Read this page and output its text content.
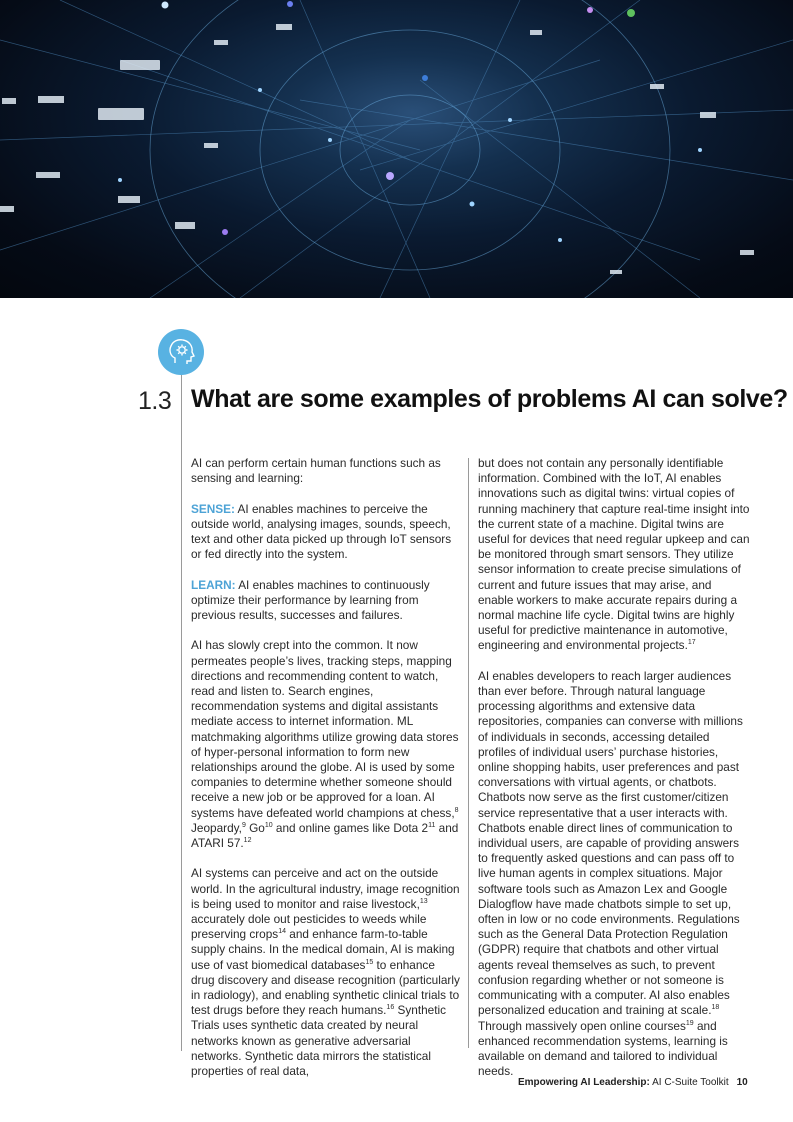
1.3 What are some examples of problems AI can solve?

AI can perform certain human functions such as sensing and learning:

SENSE: AI enables machines to perceive the outside world, analysing images, sounds, speech, text and other data picked up through IoT sensors or fed directly into the system.

LEARN: AI enables machines to continuously optimize their performance by learning from previous results, successes and failures.

AI has slowly crept into the common. It now permeates people’s lives, tracking steps, mapping directions and recommending content to watch, read and listen to. Search engines, recommendation systems and digital assistants mediate access to internet information. ML matchmaking algorithms utilize growing data stores of hyper-personal information to form new relationships around the globe. AI is used by some companies to determine whether someone should receive a new job or be approved for a loan. AI systems have defeated world champions at chess,$^8$ Jeopardy,$^9$ Go$^{10}$ and online games like Dota $2^{11}$ and ATARI 57.12

AI systems can perceive and act on the outside world. In the agricultural industry, image recognition is being used to monitor and raise livestock,$^{13}$ accurately dole out pesticides to weeds while preserving crops$^{14}$ and enhance farm-to-table supply chains. In the medical domain, AI is making use of vast biomedical databases$^{15}$ to enhance drug discovery and disease recognition (particularly in radiology), and enabling synthetic clinical trials to test drugs before they reach humans.$^{16}$ Synthetic Trials uses synthetic data created by neural networks known as generative adversarial networks. Synthetic data mirrors the statistical properties of real data,

but does not contain any personally identifiable information. Combined with the IoT, AI enables innovations such as digital twins: virtual copies of running machinery that capture real-time insight into the current state of a machine. Digital twins are useful for devices that need regular upkeep and can be monitored through smart sensors. They utilize sensor information to create precise simulations of current and future issues that may arise, and enable workers to make accurate repairs during a normal machine life cycle. Digital twins are highly useful for predictive maintenance in automotive, engineering and environmental projects.$^{17}$

AI enables developers to reach larger audiences than ever before. Through natural language processing algorithms and extensive data repositories, companies can converse with millions of individuals in seconds, accessing detailed profiles of individual users’ purchase histories, online shopping habits, user preferences and past conversations with virtual agents, or chatbots. Chatbots now serve as the first customer/citizen service representative that a user interacts with. Chatbots enable direct lines of communication to individual users, are capable of providing answers to frequently asked questions and can pass off to live human agents in complex situations. Major software tools such as Amazon Lex and Google Dialogflow have made chatbots simple to set up, often in low or no code environments. Regulations such as the General Data Protection Regulation (GDPR) require that chatbots and other virtual agents reveal themselves as such, to prevent confusion regarding whether or not someone is communicating with a computer. AI also enables personalized education and training at scale.$^{18}$ Through massively open online courses$^{19}$ and enhanced recommendation systems, learning is available on demand and tailored to individual needs.

Empowering AI Leadership: AI C-Suite Toolkit 10
